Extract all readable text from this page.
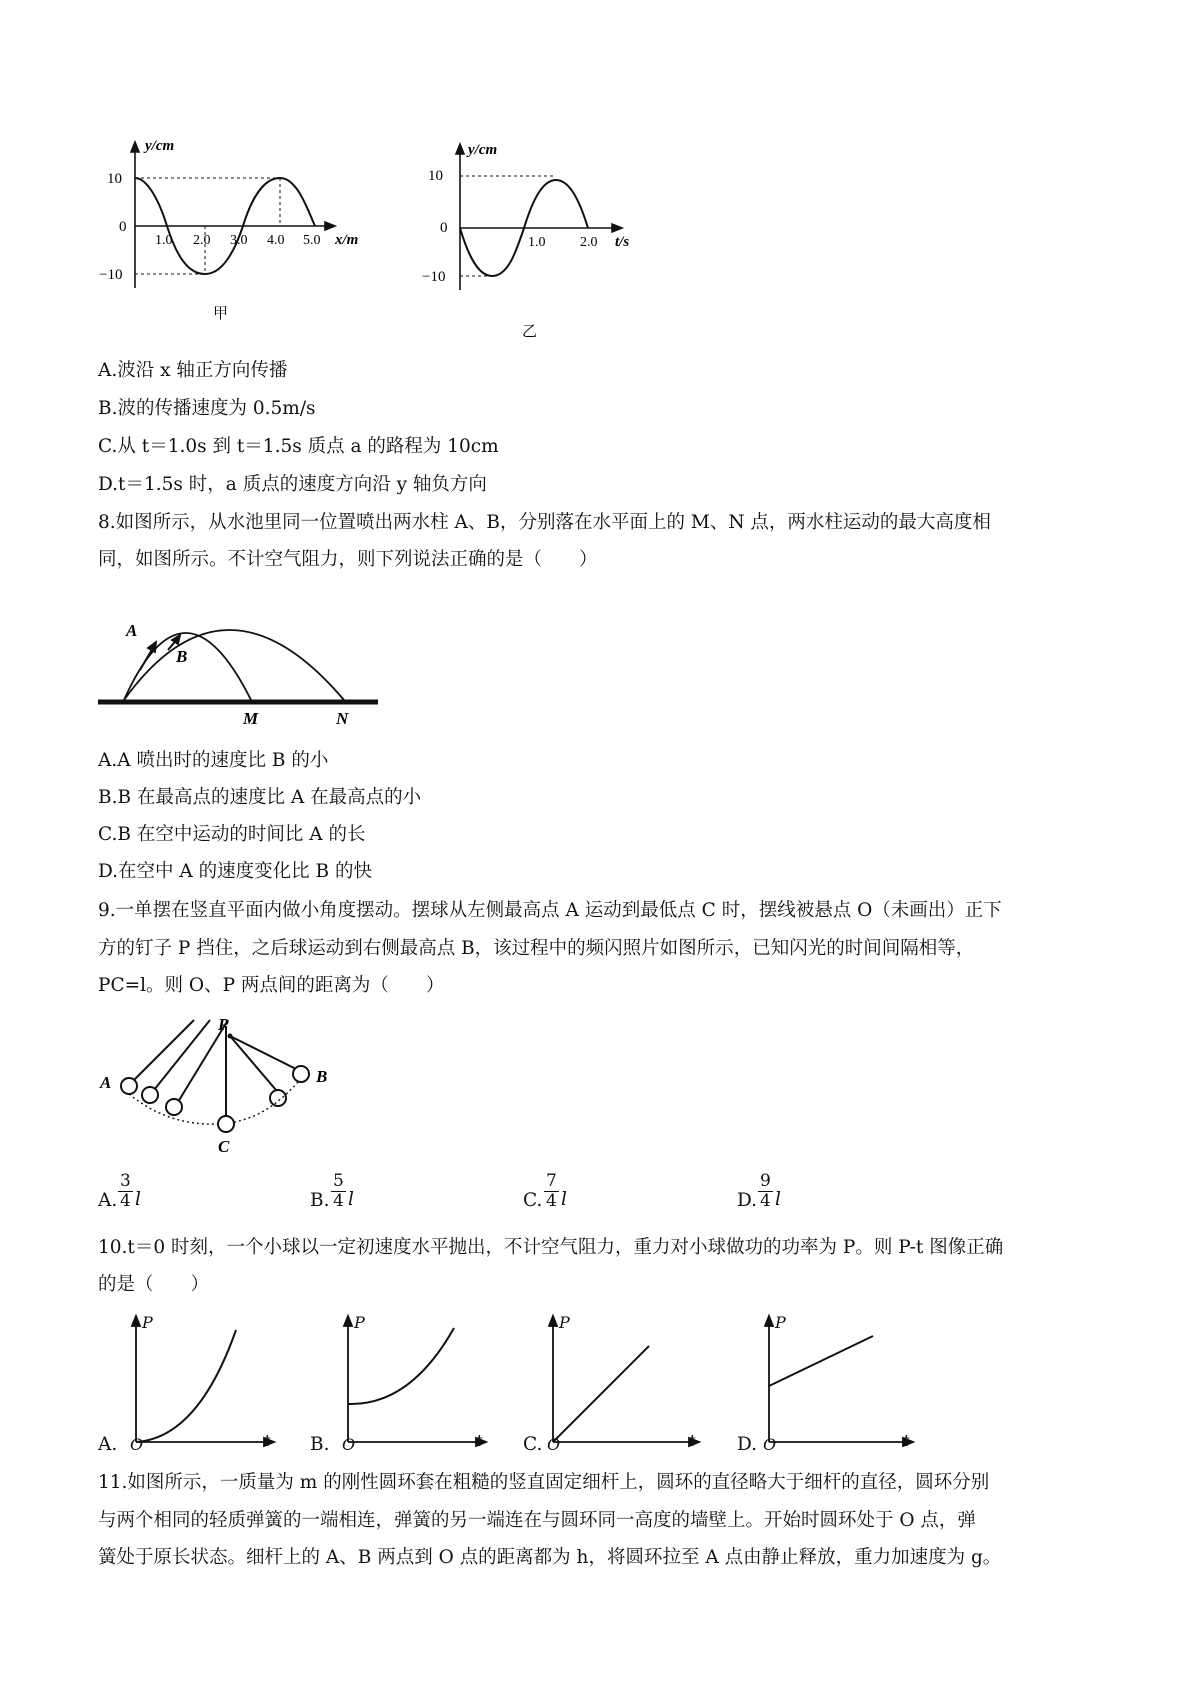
y/cm
10
0
−10
1.0 2.0 3.0 4.0 5.0 x/m
甲
y/cm
10
0
−10
1.0 2.0 t/s
乙
A.波沿 x 轴正方向传播
B.波的传播速度为 0.5m/s
C.从 t＝1.0s 到 t＝1.5s 质点 a 的路程为 10cm
D.t＝1.5s 时，a 质点的速度方向沿 y 轴负方向
8.如图所示，从水池里同一位置喷出两水柱 A、B，分别落在水平面上的 M、N 点，两水柱运动的最大高度相
同，如图所示。不计空气阻力，则下列说法正确的是（　　）
A
B
M	N
A.A 喷出时的速度比 B 的小
B.B 在最高点的速度比 A 在最高点的小
C.B 在空中运动的时间比 A 的长
D.在空中 A 的速度变化比 B 的快
9.一单摆在竖直平面内做小角度摆动。摆球从左侧最高点 A 运动到最低点 C 时，摆线被悬点 O（未画出）正下
方的钉子 P 挡住，之后球运动到右侧最高点 B，该过程中的频闪照片如图所示，已知闪光的时间间隔相等，
PC=l。则 O、P 两点间的距离为（　　）
P
A	B
C
A. $\frac{3}{4}$ l	B. $\frac{5}{4}$ l	C. $\frac{7}{4}$ l	D. $\frac{9}{4}$ l
10.t＝0 时刻，一个小球以一定初速度水平抛出，不计空气阻力，重力对小球做功的功率为 P。则 P-t 图像正确
的是（　　）
A.
P
O	t B.
P
O	t C.
P
O	t D.
P
O	t
11.如图所示，一质量为 m 的刚性圆环套在粗糙的竖直固定细杆上，圆环的直径略大于细杆的直径，圆环分别
与两个相同的轻质弹簧的一端相连，弹簧的另一端连在与圆环同一高度的墙壁上。开始时圆环处于 O 点，弹
簧处于原长状态。细杆上的 A、B 两点到 O 点的距离都为 h，将圆环拉至 A 点由静止释放，重力加速度为 g。
